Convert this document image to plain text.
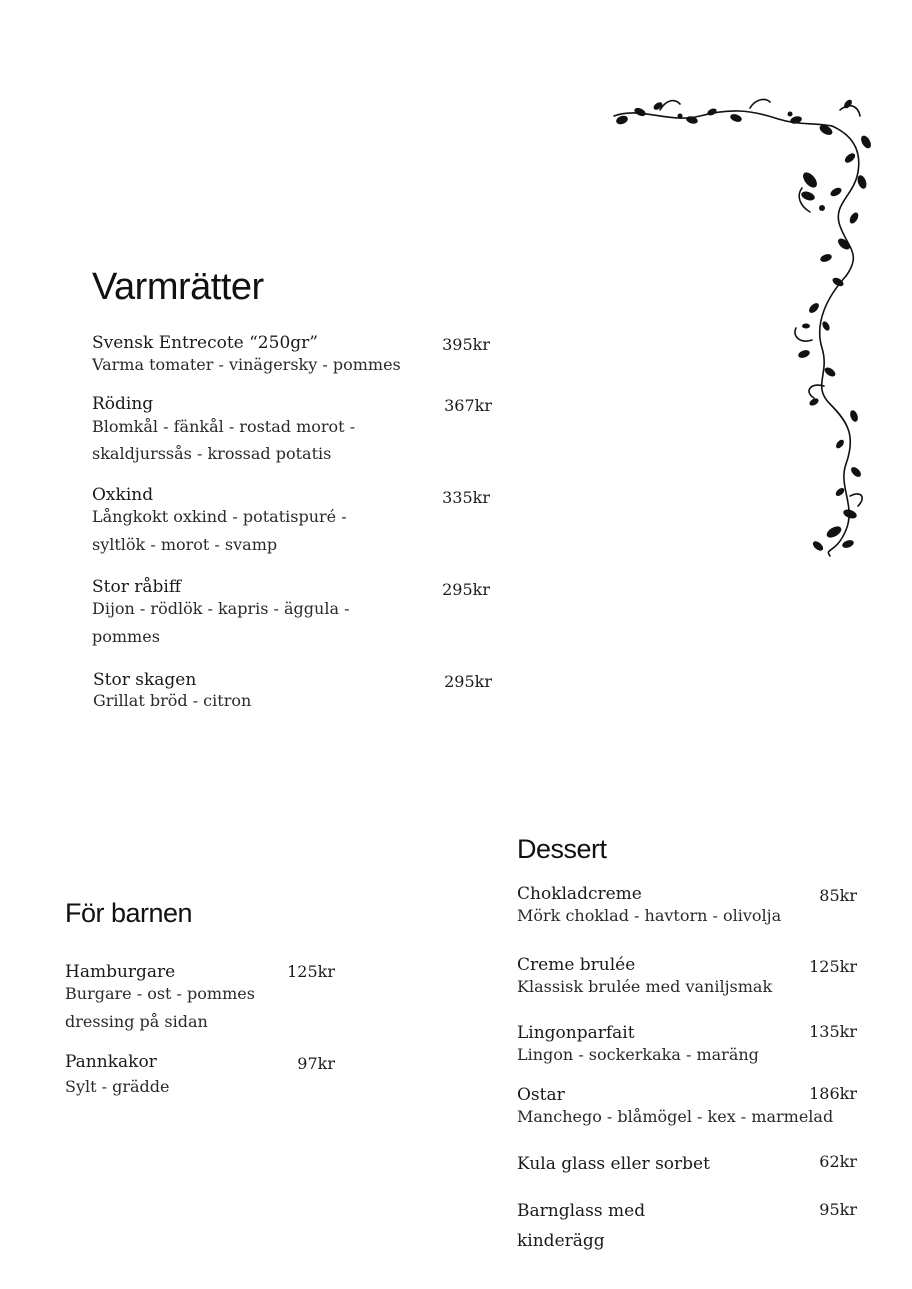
Varmrätter
Svensk Entrecote “250gr”	395kr
Varma tomater - vinägersky - pommes
Röding	367kr
Blomkål - fänkål - rostad morot -
skaldjurssås - krossad potatis
Oxkind	335kr
Långkokt oxkind - potatispuré -
syltlök - morot - svamp
Stor råbiff	295kr
Dijon - rödlök - kapris - äggula -
pommes
Stor skagen	295kr
Grillat bröd - citron
För barnen
Hamburgare	125kr
Burgare - ost - pommes
dressing på sidan
Pannkakor	97kr
Sylt - grädde
Dessert
Chokladcreme	85kr
Mörk choklad - havtorn - olivolja
Creme brulée	125kr
Klassisk brulée med vaniljsmak
Lingonparfait	135kr
Lingon - sockerkaka - maräng
Ostar	186kr
Manchego - blåmögel - kex - marmelad
Kula glass eller sorbet	62kr
Barnglass med	95kr
kinderägg
